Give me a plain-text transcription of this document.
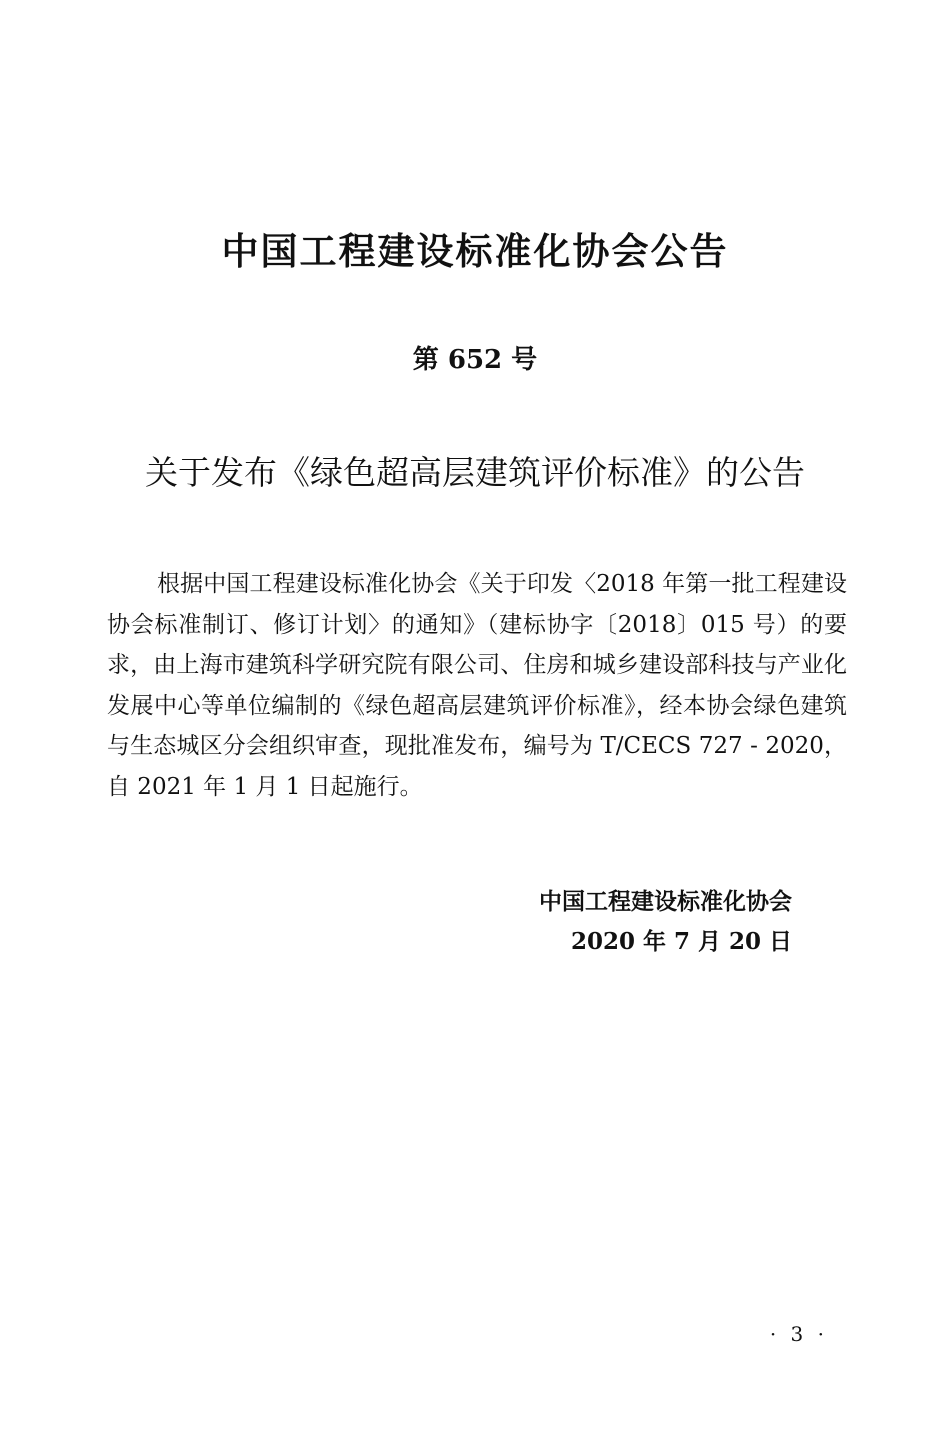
中国工程建设标准化协会公告
第 652 号
关于发布《绿色超高层建筑评价标准》的公告

根据中国工程建设标准化协会《关于印发〈2018 年第一批工程建设协会标准制订、修订计划〉的通知》（建标协字〔2018〕015 号）的要求，由上海市建筑科学研究院有限公司、住房和城乡建设部科技与产业化发展中心等单位编制的《绿色超高层建筑评价标准》，经本协会绿色建筑与生态城区分会组织审查，现批准发布，编号为 T/CECS 727 - 2020，自 2021 年 1 月 1 日起施行。

中国工程建设标准化协会
2020 年 7 月 20 日
· 3 ·
